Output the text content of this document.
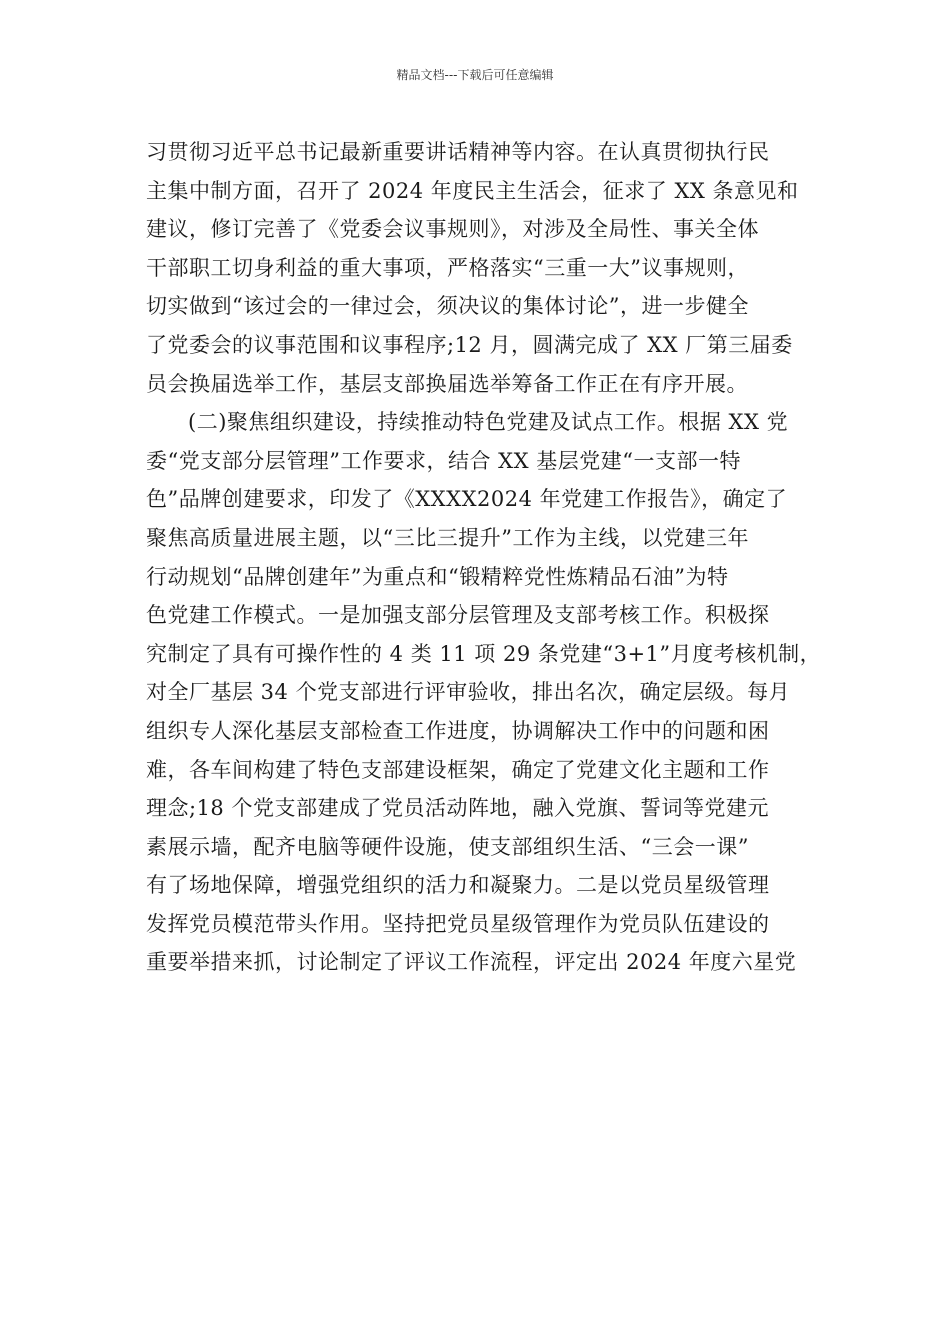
精品文档---下载后可任意编辑
习贯彻习近平总书记最新重要讲话精神等内容。在认真贯彻执行民
主集中制方面，召开了 2024 年度民主生活会，征求了 XX 条意见和
建议，修订完善了《党委会议事规则》，对涉及全局性、事关全体
干部职工切身利益的重大事项，严格落实“三重一大”议事规则，
切实做到“该过会的一律过会，须决议的集体讨论”，进一步健全
了党委会的议事范围和议事程序;12 月，圆满完成了 XX 厂第三届委
员会换届选举工作，基层支部换届选举筹备工作正在有序开展。
(二)聚焦组织建设，持续推动特色党建及试点工作。根据 XX 党
委“党支部分层管理”工作要求，结合 XX 基层党建“一支部一特
色”品牌创建要求，印发了《XXXX2024 年党建工作报告》，确定了
聚焦高质量进展主题，以“三比三提升”工作为主线，以党建三年
行动规划“品牌创建年”为重点和“锻精粹党性炼精品石油”为特
色党建工作模式。一是加强支部分层管理及支部考核工作。积极探
究制定了具有可操作性的 4 类 11 项 29 条党建“3+1”月度考核机制，
对全厂基层 34 个党支部进行评审验收，排出名次，确定层级。每月
组织专人深化基层支部检查工作进度，协调解决工作中的问题和困
难，各车间构建了特色支部建设框架，确定了党建文化主题和工作
理念;18 个党支部建成了党员活动阵地，融入党旗、誓词等党建元
素展示墙，配齐电脑等硬件设施，使支部组织生活、“三会一课”
有了场地保障，增强党组织的活力和凝聚力。二是以党员星级管理
发挥党员模范带头作用。坚持把党员星级管理作为党员队伍建设的
重要举措来抓，讨论制定了评议工作流程，评定出 2024 年度六星党
